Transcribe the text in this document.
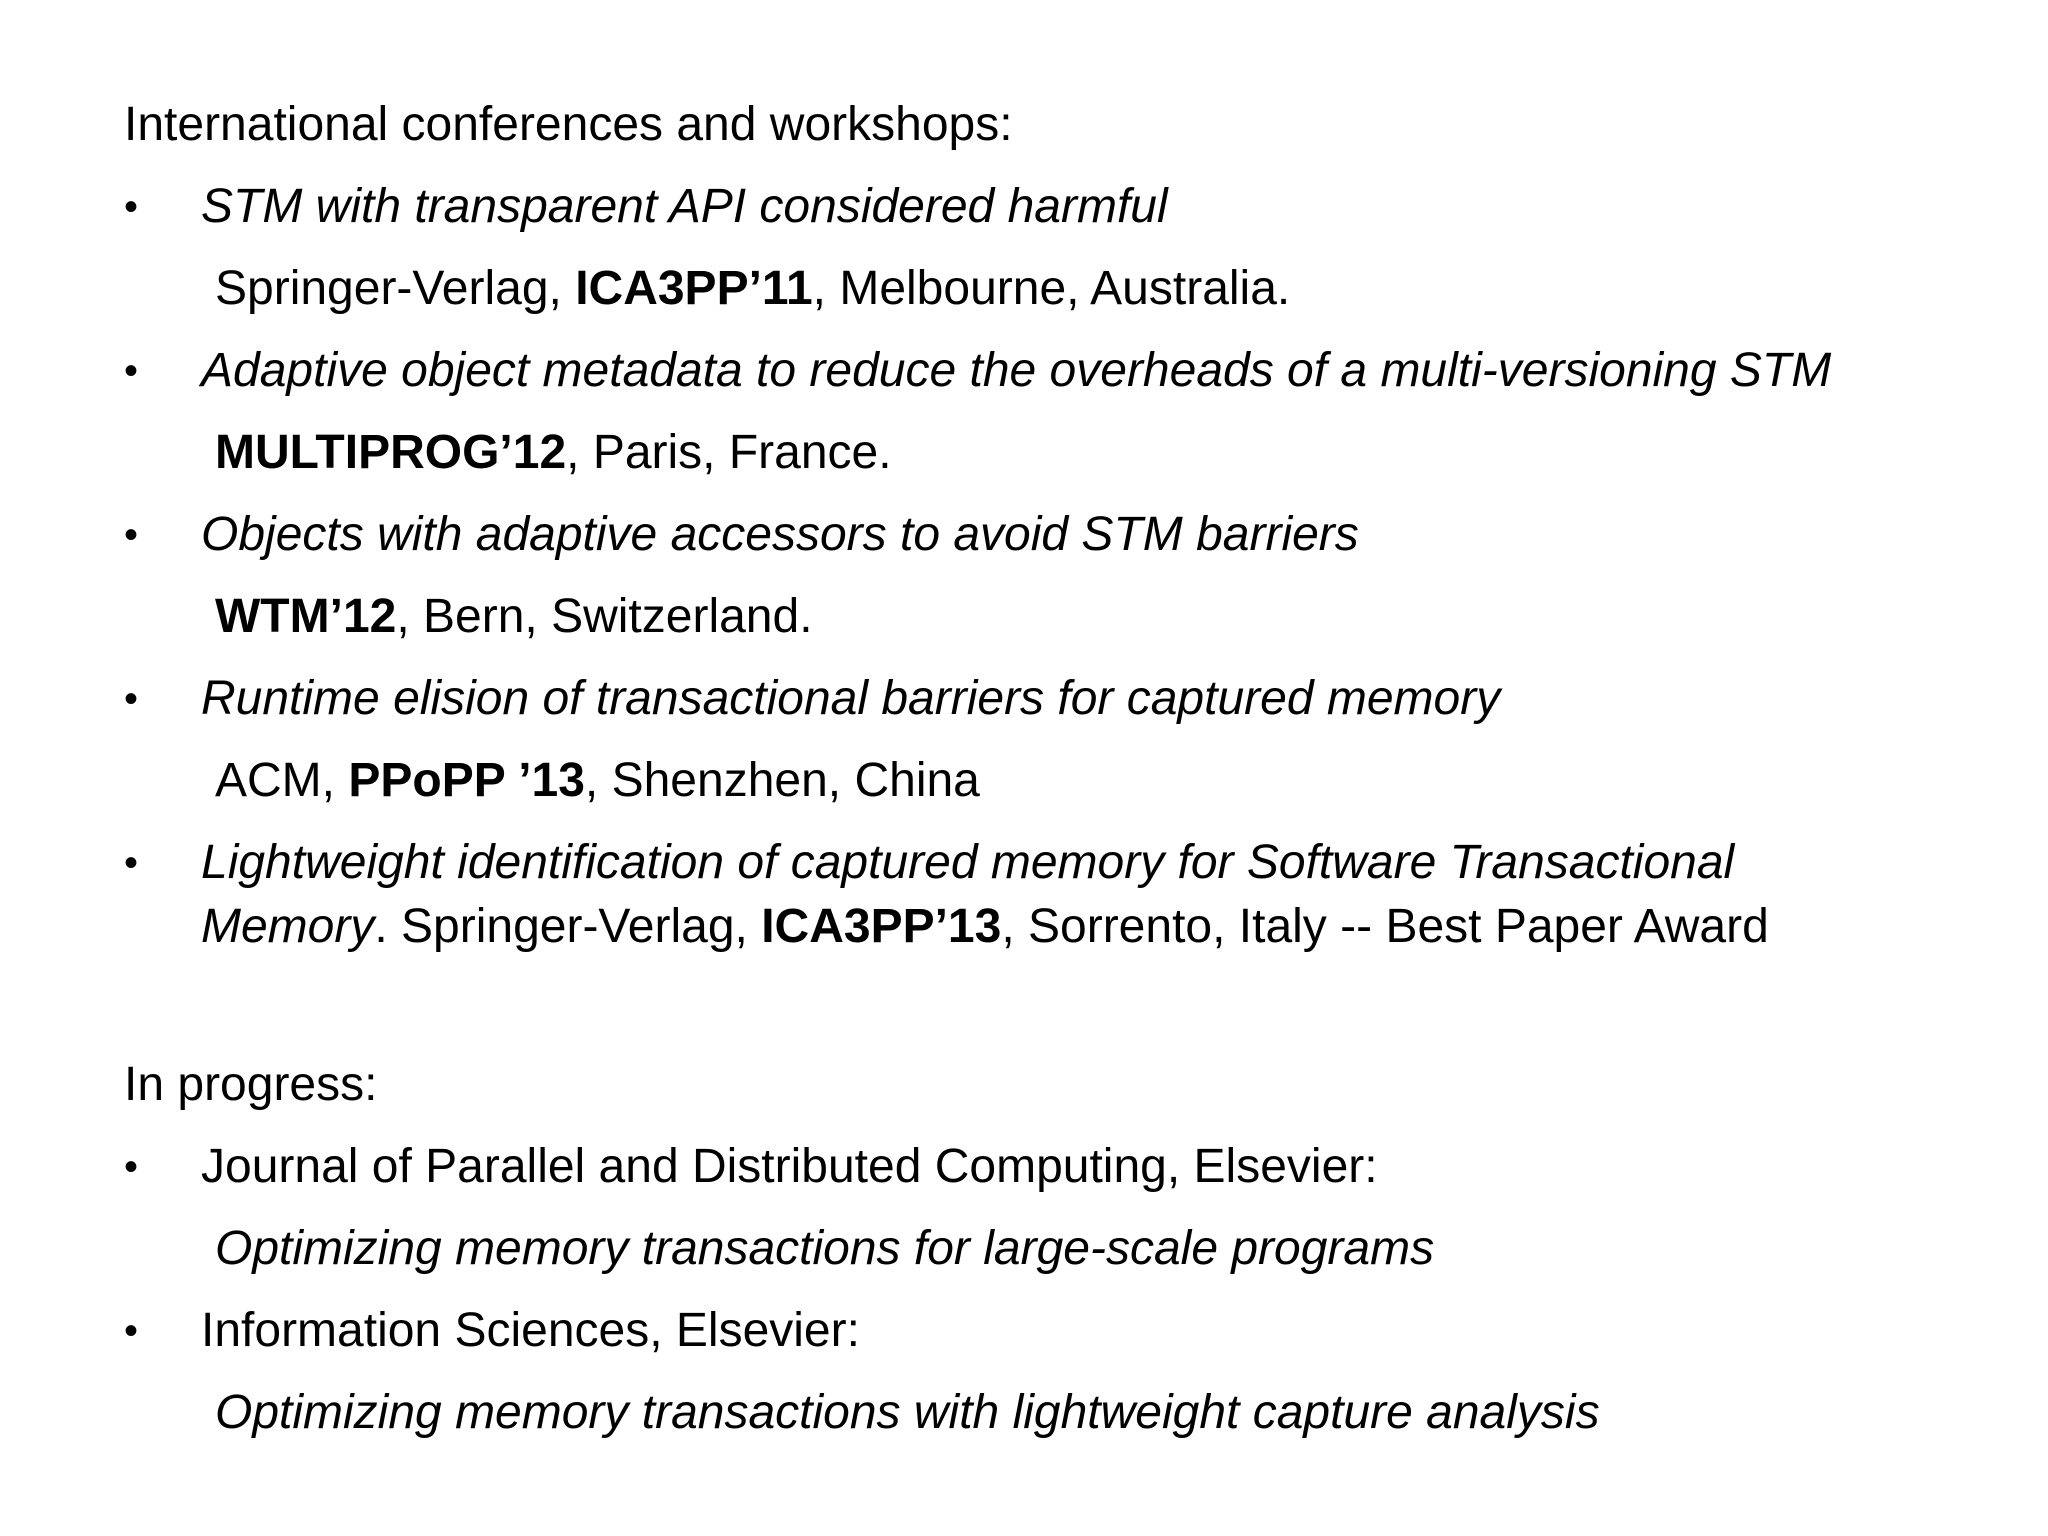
International conferences and workshops:
• STM with transparent API considered harmful
Springer-Verlag, ICA3PP’11, Melbourne, Australia.
• Adaptive object metadata to reduce the overheads of a multi-versioning STM
MULTIPROG’12, Paris, France.
• Objects with adaptive accessors to avoid STM barriers
WTM’12, Bern, Switzerland.
• Runtime elision of transactional barriers for captured memory
ACM, PPoPP ’13, Shenzhen, China
• Lightweight identification of captured memory for Software Transactional
Memory. Springer-Verlag, ICA3PP’13, Sorrento, Italy -- Best Paper Award
In progress:
• Journal of Parallel and Distributed Computing, Elsevier:
Optimizing memory transactions for large-scale programs
• Information Sciences, Elsevier:
Optimizing memory transactions with lightweight capture analysis
